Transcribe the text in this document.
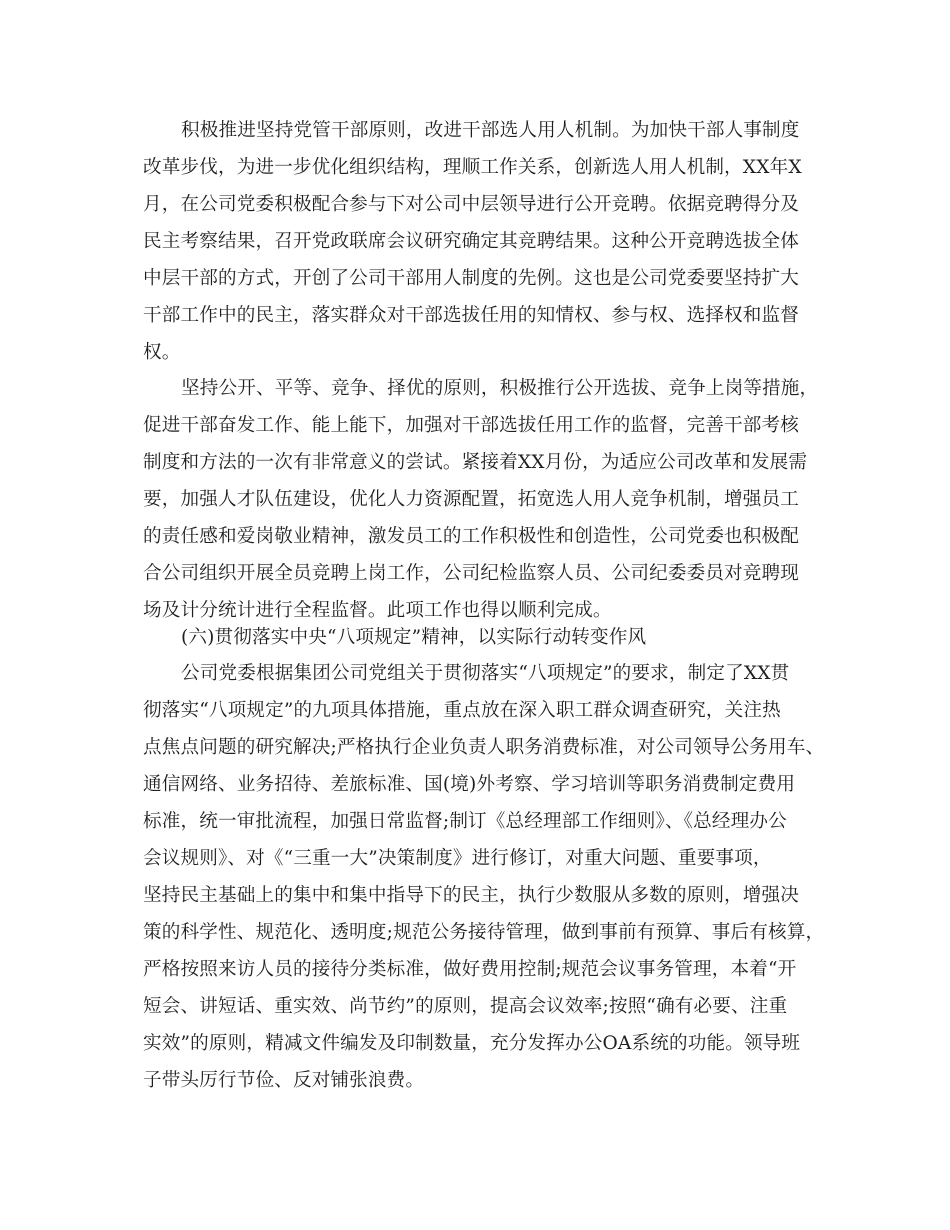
积极推进坚持党管干部原则，改进干部选人用人机制。为加快干部人事制度
改革步伐，为进一步优化组织结构，理顺工作关系，创新选人用人机制，XX年X
月，在公司党委积极配合参与下对公司中层领导进行公开竞聘。依据竞聘得分及
民主考察结果，召开党政联席会议研究确定其竞聘结果。这种公开竞聘选拔全体
中层干部的方式，开创了公司干部用人制度的先例。这也是公司党委要坚持扩大
干部工作中的民主，落实群众对干部选拔任用的知情权、参与权、选择权和监督
权。
坚持公开、平等、竞争、择优的原则，积极推行公开选拔、竞争上岗等措施，
促进干部奋发工作、能上能下，加强对干部选拔任用工作的监督，完善干部考核
制度和方法的一次有非常意义的尝试。紧接着XX月份，为适应公司改革和发展需
要，加强人才队伍建设，优化人力资源配置，拓宽选人用人竞争机制，增强员工
的责任感和爱岗敬业精神，激发员工的工作积极性和创造性，公司党委也积极配
合公司组织开展全员竞聘上岗工作，公司纪检监察人员、公司纪委委员对竞聘现
场及计分统计进行全程监督。此项工作也得以顺利完成。
(六)贯彻落实中央“八项规定”精神，以实际行动转变作风
公司党委根据集团公司党组关于贯彻落实“八项规定”的要求，制定了XX贯
彻落实“八项规定”的九项具体措施，重点放在深入职工群众调查研究，关注热
点焦点问题的研究解决;严格执行企业负责人职务消费标准，对公司领导公务用车、
通信网络、业务招待、差旅标准、国(境)外考察、学习培训等职务消费制定费用
标准，统一审批流程，加强日常监督;制订《总经理部工作细则》、《总经理办公
会议规则》、对《“三重一大”决策制度》进行修订，对重大问题、重要事项，
坚持民主基础上的集中和集中指导下的民主，执行少数服从多数的原则，增强决
策的科学性、规范化、透明度;规范公务接待管理，做到事前有预算、事后有核算，
严格按照来访人员的接待分类标准，做好费用控制;规范会议事务管理，本着“开
短会、讲短话、重实效、尚节约”的原则，提高会议效率;按照“确有必要、注重
实效”的原则，精减文件编发及印制数量，充分发挥办公OA系统的功能。领导班
子带头厉行节俭、反对铺张浪费。
